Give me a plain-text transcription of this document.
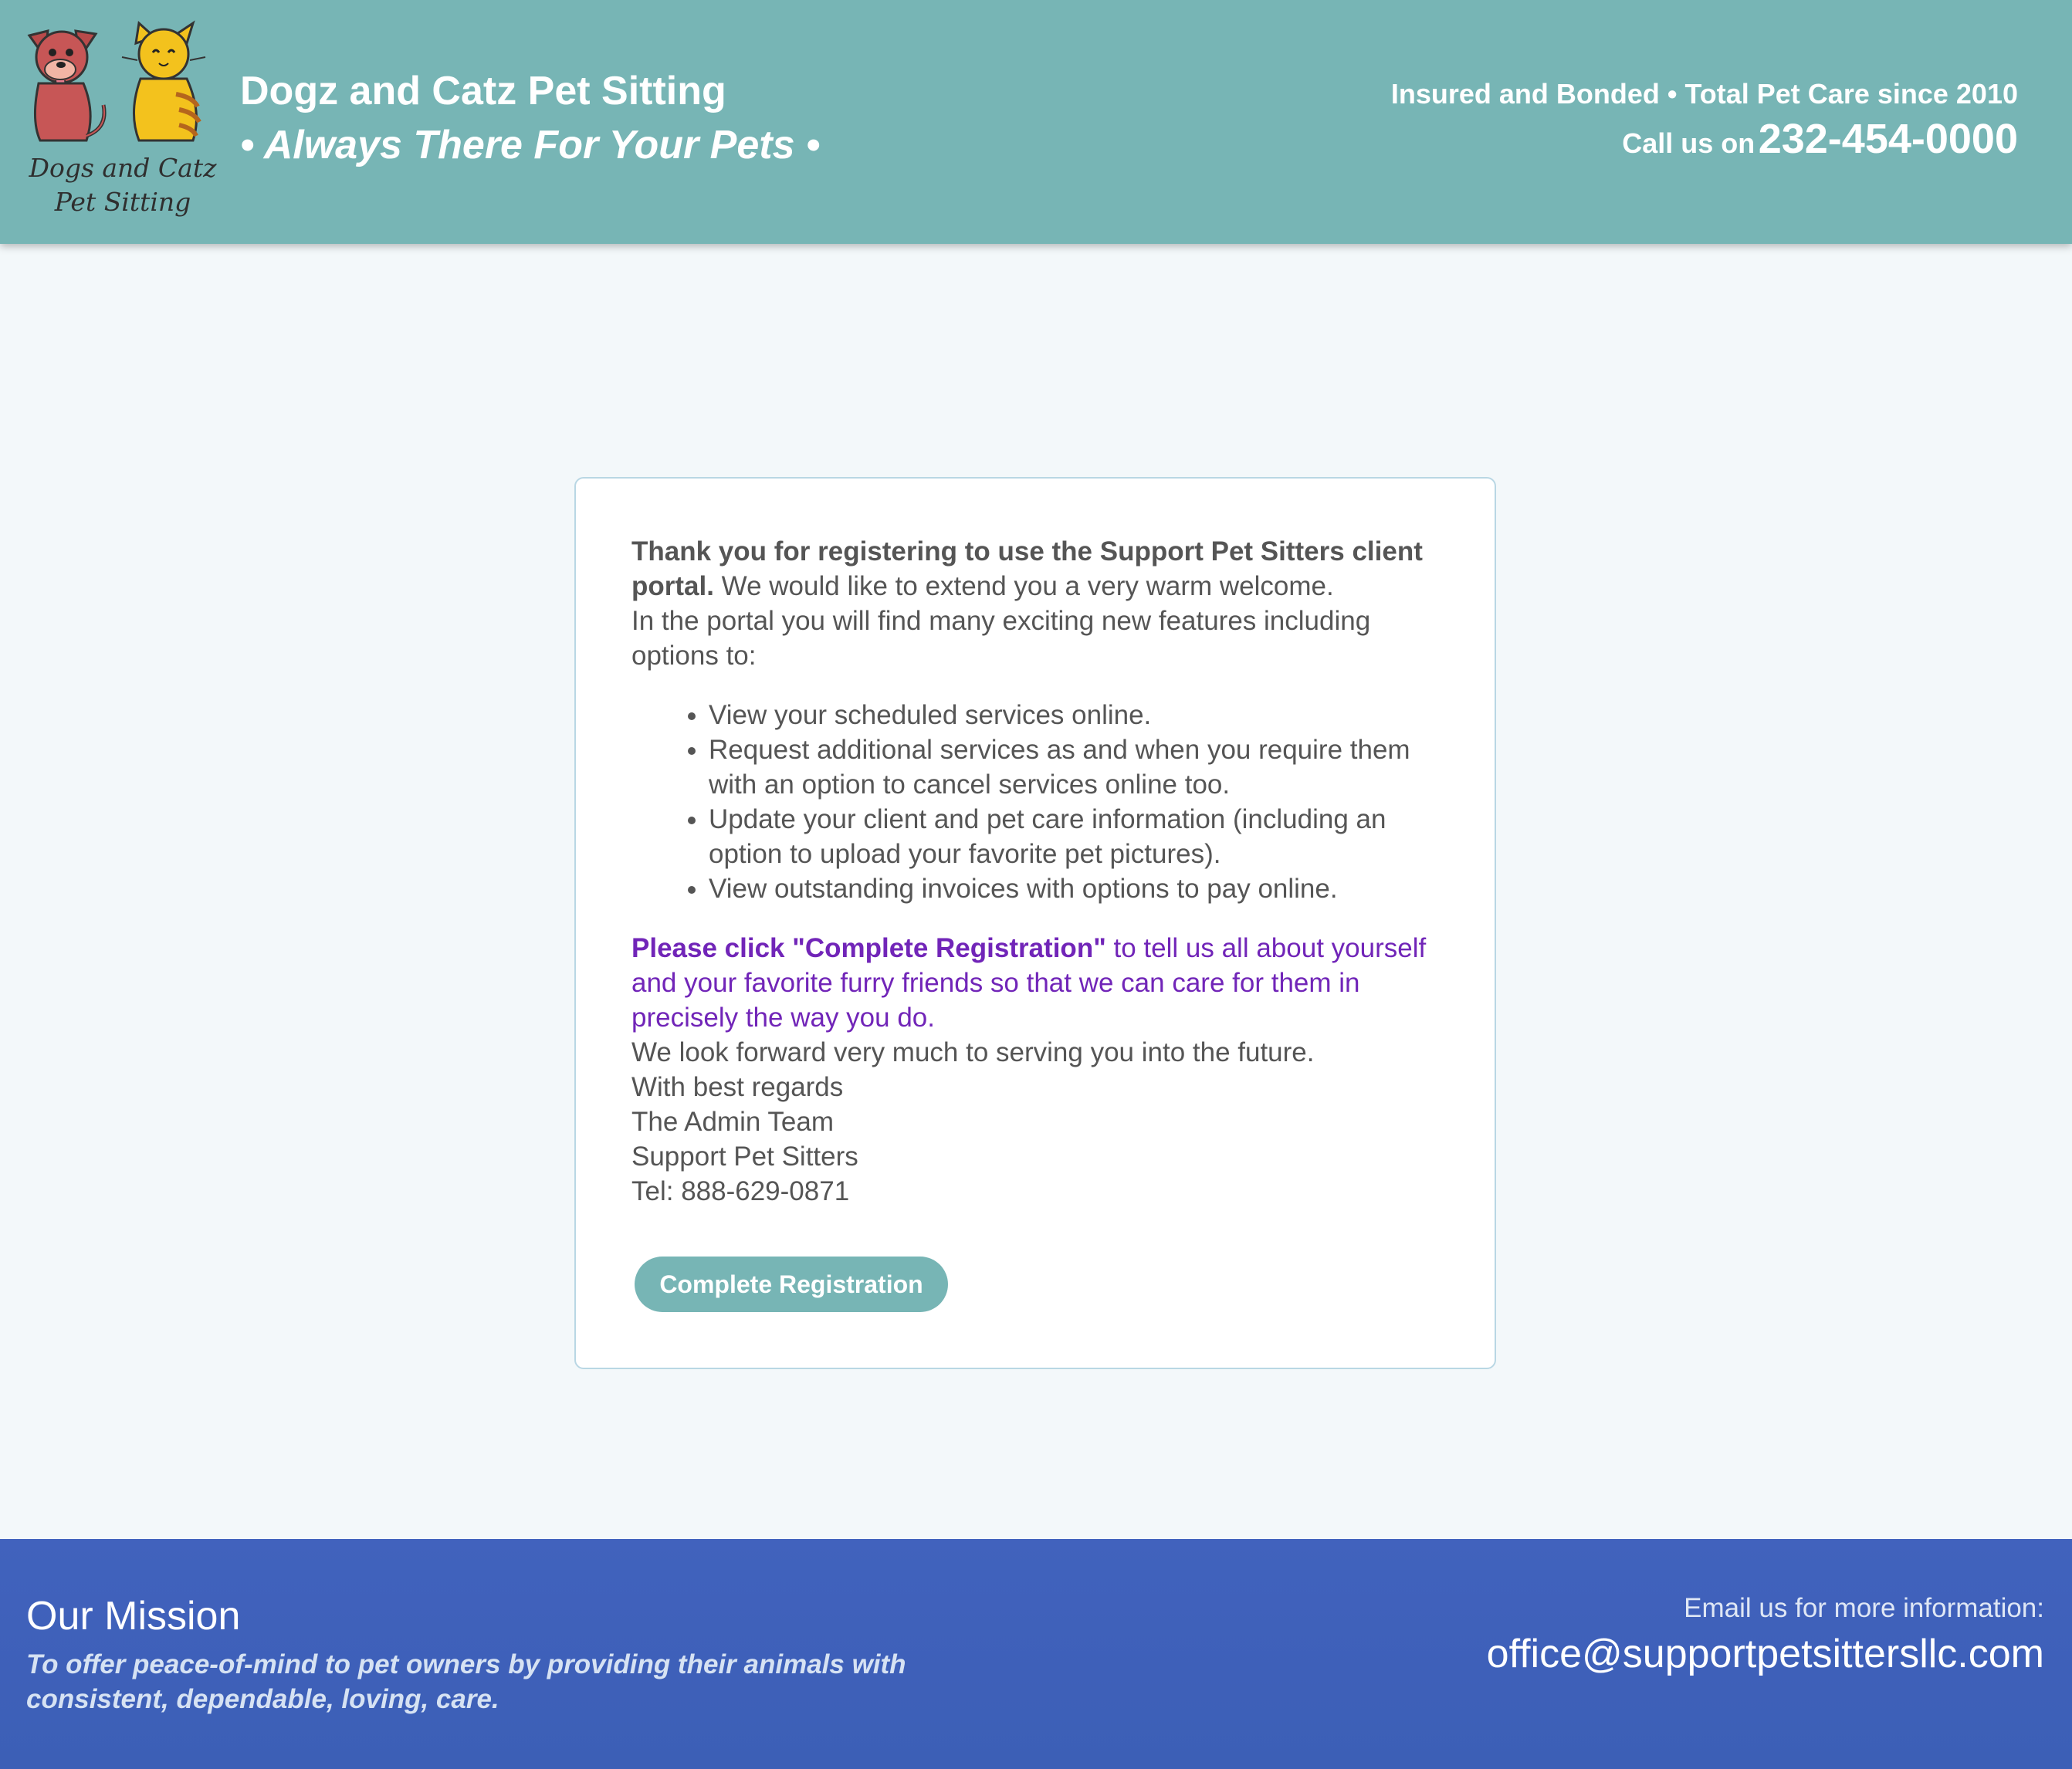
Dogs and Catz
Pet Sitting
Dogz and Catz Pet Sitting
• Always There For Your Pets •
Insured and Bonded • Total Pet Care since 2010
Call us on 232-454-0000

Thank you for registering to use the Support Pet Sitters client portal. We would like to extend you a very warm welcome.

In the portal you will find many exciting new features including options to:

• View your scheduled services online.
• Request additional services as and when you require them with an option to cancel services online too.
• Update your client and pet care information (including an option to upload your favorite pet pictures).
• View outstanding invoices with options to pay online.

Please click "Complete Registration" to tell us all about yourself and your favorite furry friends so that we can care for them in precisely the way you do.

We look forward very much to serving you into the future.

With best regards

The Admin Team

Support Pet Sitters

Tel: 888-629-0871

Complete Registration
Our Mission
To offer peace-of-mind to pet owners by providing their animals with consistent, dependable, loving, care.
Email us for more information:
office@supportpetsittersllc.com
